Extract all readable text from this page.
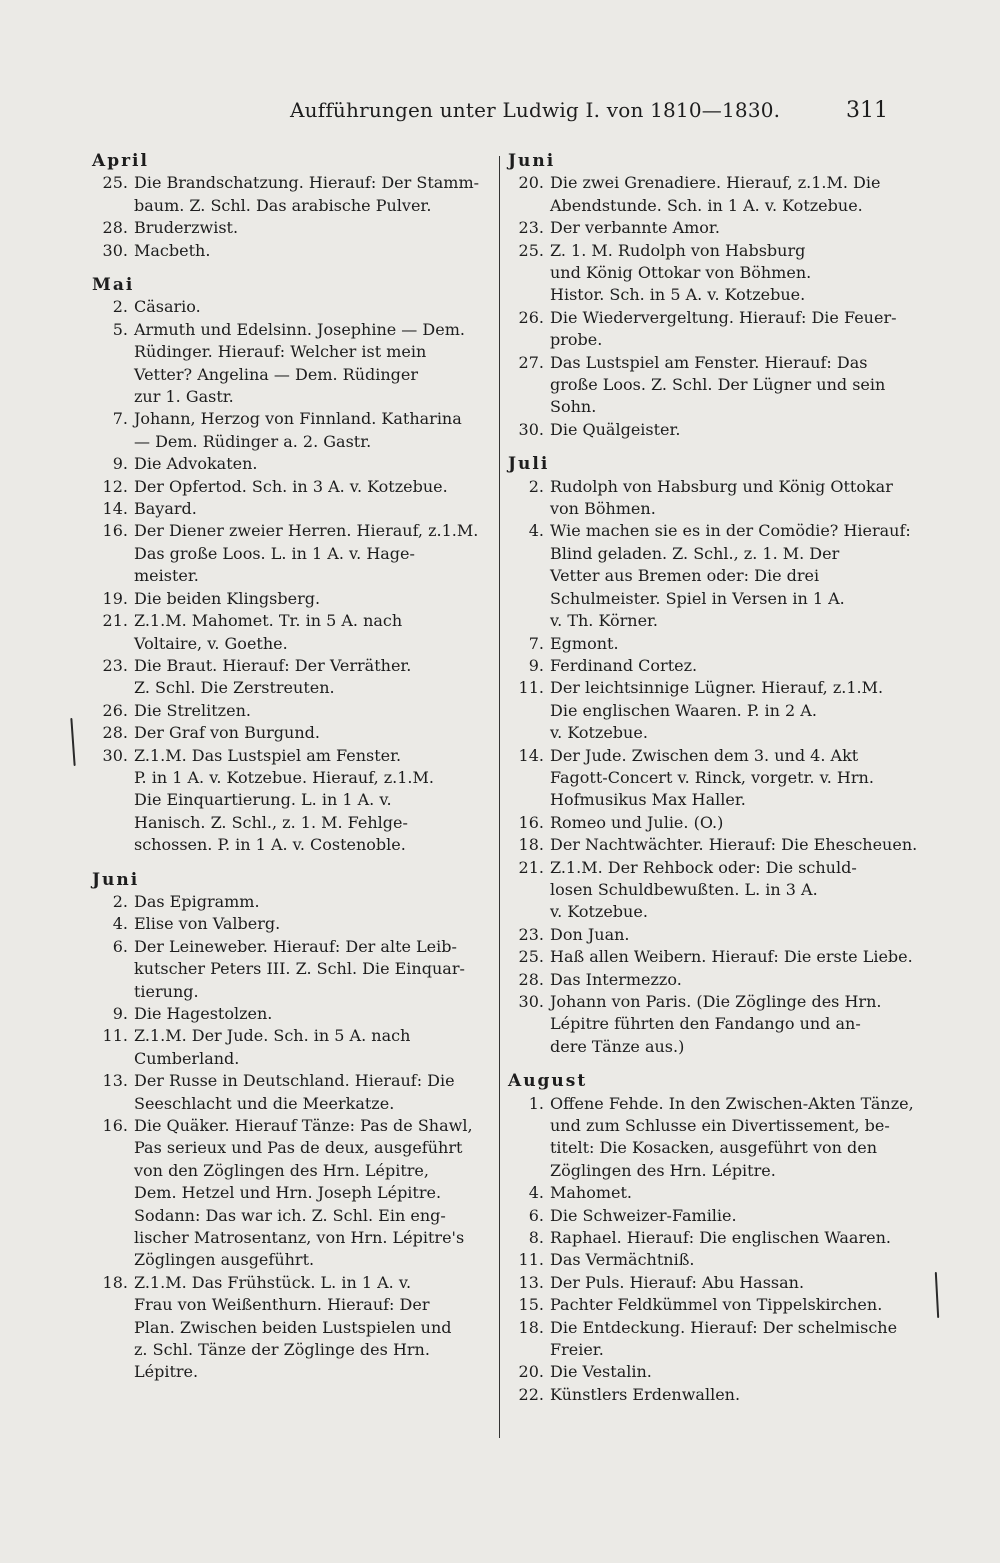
Aufführungen unter Ludwig I. von 1810—1830.	311
April
25. Die Brandschatzung. Hierauf: Der Stamm-
baum. Z. Schl. Das arabische Pulver.
28. Bruderzwist.
30. Macbeth.
Mai
2. Cäsario.
5. Armuth und Edelsinn. Josephine — Dem.
Rüdinger. Hierauf: Welcher ist mein
Vetter? Angelina — Dem. Rüdinger
zur 1. Gastr.
7. Johann, Herzog von Finnland. Katharina
— Dem. Rüdinger a. 2. Gastr.
9. Die Advokaten.
12. Der Opfertod. Sch. in 3 A. v. Kotzebue.
14. Bayard.
16. Der Diener zweier Herren. Hierauf, z.1.M.
Das große Loos. L. in 1 A. v. Hage-
meister.
19. Die beiden Klingsberg.
21. Z.1.M. Mahomet. Tr. in 5 A. nach
Voltaire, v. Goethe.
23. Die Braut. Hierauf: Der Verräther.
Z. Schl. Die Zerstreuten.
26. Die Strelitzen.
28. Der Graf von Burgund.
30. Z.1.M. Das Lustspiel am Fenster.
P. in 1 A. v. Kotzebue. Hierauf, z.1.M.
Die Einquartierung. L. in 1 A. v.
Hanisch. Z. Schl., z. 1. M. Fehlge-
schossen. P. in 1 A. v. Costenoble.
Juni
2. Das Epigramm.
4. Elise von Valberg.
6. Der Leineweber. Hierauf: Der alte Leib-
kutscher Peters III. Z. Schl. Die Einquar-
tierung.
9. Die Hagestolzen.
11. Z.1.M. Der Jude. Sch. in 5 A. nach
Cumberland.
13. Der Russe in Deutschland. Hierauf: Die
Seeschlacht und die Meerkatze.
16. Die Quäker. Hierauf Tänze: Pas de Shawl,
Pas serieux und Pas de deux, ausgeführt
von den Zöglingen des Hrn. Lépitre,
Dem. Hetzel und Hrn. Joseph Lépitre.
Sodann: Das war ich. Z. Schl. Ein eng-
lischer Matrosentanz, von Hrn. Lépitre's
Zöglingen ausgeführt.
18. Z.1.M. Das Frühstück. L. in 1 A. v.
Frau von Weißenthurn. Hierauf: Der
Plan. Zwischen beiden Lustspielen und
z. Schl. Tänze der Zöglinge des Hrn.
Lépitre.
Juni
20. Die zwei Grenadiere. Hierauf, z.1.M. Die
Abendstunde. Sch. in 1 A. v. Kotzebue.
23. Der verbannte Amor.
25. Z. 1. M. Rudolph von Habsburg
und König Ottokar von Böhmen.
Histor. Sch. in 5 A. v. Kotzebue.
26. Die Wiedervergeltung. Hierauf: Die Feuer-
probe.
27. Das Lustspiel am Fenster. Hierauf: Das
große Loos. Z. Schl. Der Lügner und sein
Sohn.
30. Die Quälgeister.
Juli
2. Rudolph von Habsburg und König Ottokar
von Böhmen.
4. Wie machen sie es in der Comödie? Hierauf:
Blind geladen. Z. Schl., z. 1. M. Der
Vetter aus Bremen oder: Die drei
Schulmeister. Spiel in Versen in 1 A.
v. Th. Körner.
7. Egmont.
9. Ferdinand Cortez.
11. Der leichtsinnige Lügner. Hierauf, z.1.M.
Die englischen Waaren. P. in 2 A.
v. Kotzebue.
14. Der Jude. Zwischen dem 3. und 4. Akt
Fagott-Concert v. Rinck, vorgetr. v. Hrn.
Hofmusikus Max Haller.
16. Romeo und Julie. (O.)
18. Der Nachtwächter. Hierauf: Die Ehescheuen.
21. Z.1.M. Der Rehbock oder: Die schuld-
losen Schuldbewußten. L. in 3 A.
v. Kotzebue.
23. Don Juan.
25. Haß allen Weibern. Hierauf: Die erste Liebe.
28. Das Intermezzo.
30. Johann von Paris. (Die Zöglinge des Hrn.
Lépitre führten den Fandango und an-
dere Tänze aus.)
August
1. Offene Fehde. In den Zwischen-Akten Tänze,
und zum Schlusse ein Divertissement, be-
titelt: Die Kosacken, ausgeführt von den
Zöglingen des Hrn. Lépitre.
4. Mahomet.
6. Die Schweizer-Familie.
8. Raphael. Hierauf: Die englischen Waaren.
11. Das Vermächtniß.
13. Der Puls. Hierauf: Abu Hassan.
15. Pachter Feldkümmel von Tippelskirchen.
18. Die Entdeckung. Hierauf: Der schelmische
Freier.
20. Die Vestalin.
22. Künstlers Erdenwallen.
